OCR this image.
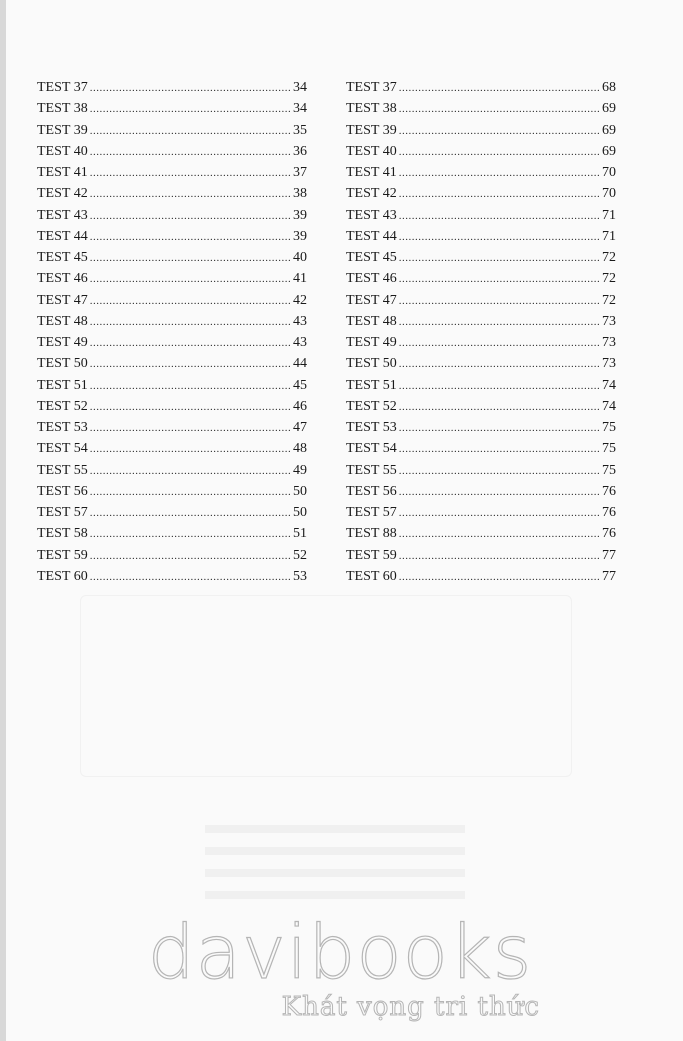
TEST 37 .....	34
TEST 38 .....	34
TEST 39 .....	35
TEST 40 .....	36
TEST 41 .....	37
TEST 42 .....	38
TEST 43 .....	39
TEST 44 .....	39
TEST 45 .....	40
TEST 46 .....	41
TEST 47 .....	42
TEST 48 .....	43
TEST 49 .....	43
TEST 50 .....	44
TEST 51 .....	45
TEST 52 .....	46
TEST 53 .....	47
TEST 54 .....	48
TEST 55 .....	49
TEST 56 .....	50
TEST 57 .....	50
TEST 58 .....	51
TEST 59 .....	52
TEST 60 .....	53
TEST 37 .....	68
TEST 38 .....	69
TEST 39 .....	69
TEST 40 .....	69
TEST 41 .....	70
TEST 42 .....	70
TEST 43 .....	71
TEST 44 .....	71
TEST 45 .....	72
TEST 46 .....	72
TEST 47 .....	72
TEST 48 .....	73
TEST 49 .....	73
TEST 50 .....	73
TEST 51 .....	74
TEST 52 .....	74
TEST 53 .....	75
TEST 54 .....	75
TEST 55 .....	75
TEST 56 .....	76
TEST 57 .....	76
TEST 88 .....	76
TEST 59 .....	77
TEST 60 .....	77
davibooks
Khát vọng tri thức
